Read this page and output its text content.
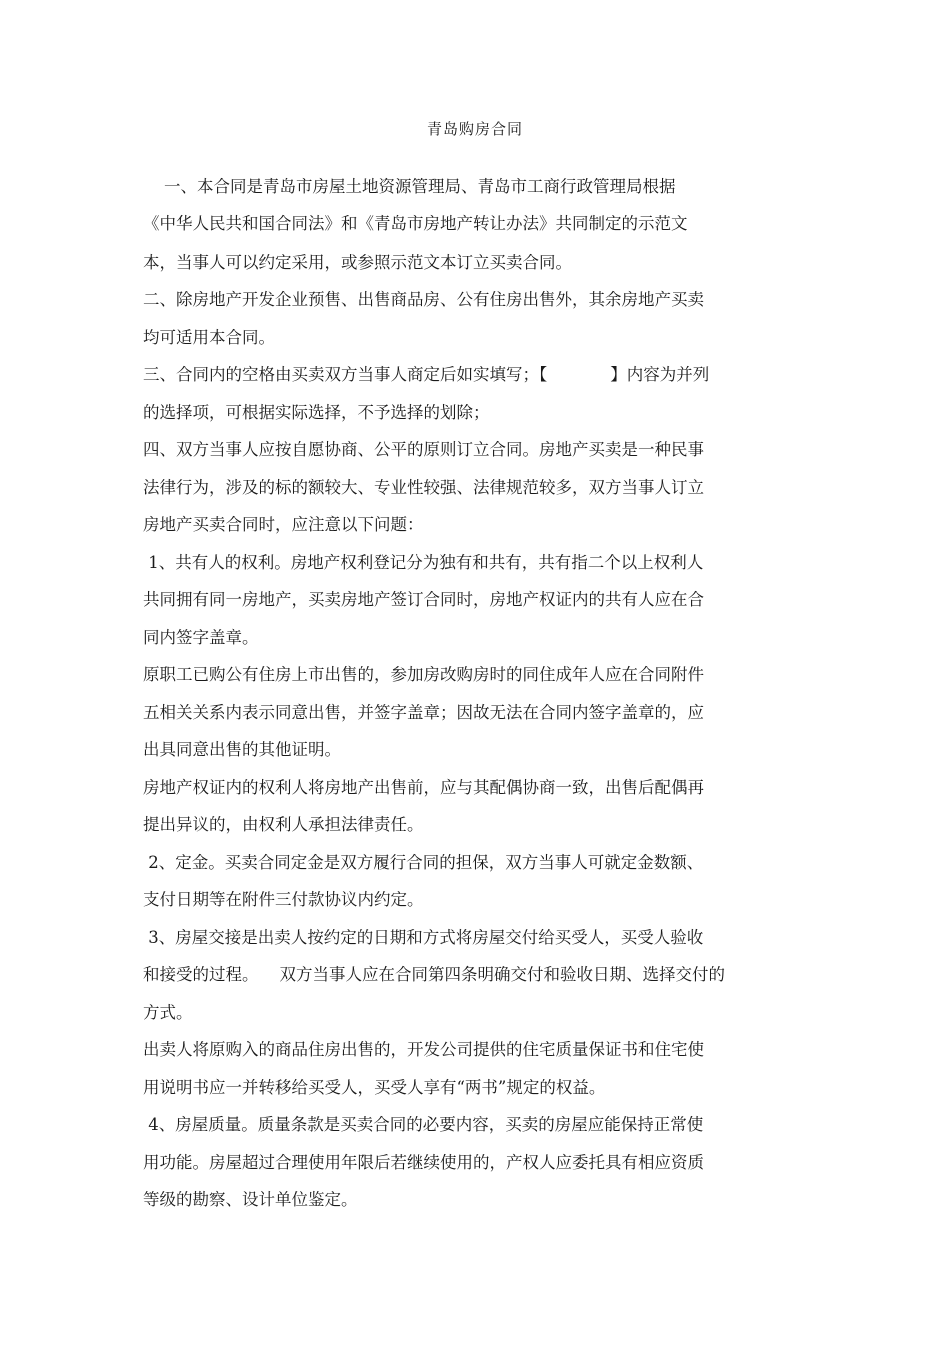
青岛购房合同
一、本合同是青岛市房屋土地资源管理局、青岛市工商行政管理局根据
《中华人民共和国合同法》和《青岛市房地产转让办法》共同制定的示范文
本，当事人可以约定采用，或参照示范文本订立买卖合同。
二、除房地产开发企业预售、出售商品房、公有住房出售外，其余房地产买卖
均可适用本合同。
三、合同内的空格由买卖双方当事人商定后如实填写；【            】内容为并列
的选择项，可根据实际选择，不予选择的划除；
四、双方当事人应按自愿协商、公平的原则订立合同。房地产买卖是一种民事
法律行为，涉及的标的额较大、专业性较强、法律规范较多，双方当事人订立
房地产买卖合同时，应注意以下问题：
1、共有人的权利。房地产权利登记分为独有和共有，共有指二个以上权利人
共同拥有同一房地产，买卖房地产签订合同时，房地产权证内的共有人应在合
同内签字盖章。
原职工已购公有住房上市出售的，参加房改购房时的同住成年人应在合同附件
五相关关系内表示同意出售，并签字盖章；因故无法在合同内签字盖章的，应
出具同意出售的其他证明。
房地产权证内的权利人将房地产出售前，应与其配偶协商一致，出售后配偶再
提出异议的，由权利人承担法律责任。
2、定金。买卖合同定金是双方履行合同的担保，双方当事人可就定金数额、
支付日期等在附件三付款协议内约定。
3、房屋交接是出卖人按约定的日期和方式将房屋交付给买受人，买受人验收
和接受的过程。    双方当事人应在合同第四条明确交付和验收日期、选择交付的
方式。
出卖人将原购入的商品住房出售的，开发公司提供的住宅质量保证书和住宅使
用说明书应一并转移给买受人，买受人享有“两书”规定的权益。
4、房屋质量。质量条款是买卖合同的必要内容，买卖的房屋应能保持正常使
用功能。房屋超过合理使用年限后若继续使用的，产权人应委托具有相应资质
等级的勘察、设计单位鉴定。
